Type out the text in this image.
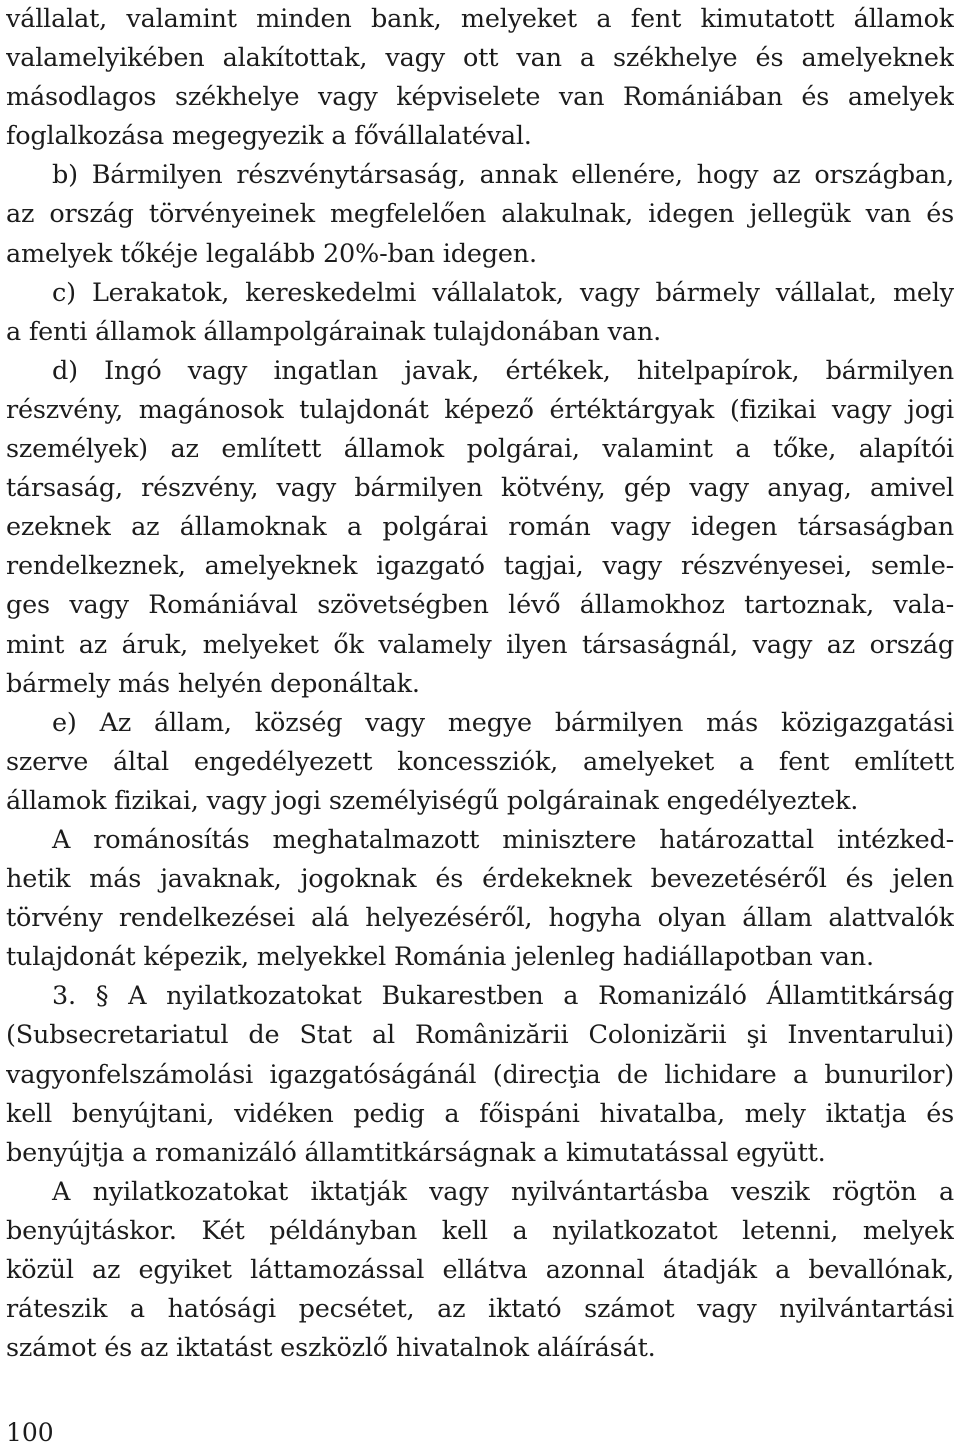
vállalat, valamint minden bank, melyeket a fent kimutatott államok
valamelyikében alakítottak, vagy ott van a székhelye és amelyeknek
másodlagos székhelye vagy képviselete van Romániában és amelyek
foglalkozása megegyezik a fővállalatéval.
b) Bármilyen részvénytársaság, annak ellenére, hogy az országban,
az ország törvényeinek megfelelően alakulnak, idegen jellegük van és
amelyek tőkéje legalább 20%-ban idegen.
c) Lerakatok, kereskedelmi vállalatok, vagy bármely vállalat, mely
a fenti államok állampolgárainak tulajdonában van.
d) Ingó vagy ingatlan javak, értékek, hitelpapírok, bármilyen
részvény, magánosok tulajdonát képező értéktárgyak (fizikai vagy jogi
személyek) az említett államok polgárai, valamint a tőke, alapítói
társaság, részvény, vagy bármilyen kötvény, gép vagy anyag, amivel
ezeknek az államoknak a polgárai román vagy idegen társaságban
rendelkeznek, amelyeknek igazgató tagjai, vagy részvényesei, semle-
ges vagy Romániával szövetségben lévő államokhoz tartoznak, vala-
mint az áruk, melyeket ők valamely ilyen társaságnál, vagy az ország
bármely más helyén deponáltak.
e) Az állam, község vagy megye bármilyen más közigazgatási
szerve által engedélyezett koncessziók, amelyeket a fent említett
államok fizikai, vagy jogi személyiségű polgárainak engedélyeztek.
A románosítás meghatalmazott minisztere határozattal intézked-
hetik más javaknak, jogoknak és érdekeknek bevezetéséről és jelen
törvény rendelkezései alá helyezéséről, hogyha olyan állam alattvalók
tulajdonát képezik, melyekkel Románia jelenleg hadiállapotban van.
3. § A nyilatkozatokat Bukarestben a Romanizáló Államtitkárság
(Subsecretariatul de Stat al Românizării Colonizării şi Inventarului)
vagyonfelszámolási igazgatóságánál (direcţia de lichidare a bunurilor)
kell benyújtani, vidéken pedig a főispáni hivatalba, mely iktatja és
benyújtja a romanizáló államtitkárságnak a kimutatással együtt.
A nyilatkozatokat iktatják vagy nyilvántartásba veszik rögtön a
benyújtáskor. Két példányban kell a nyilatkozatot letenni, melyek
közül az egyiket láttamozással ellátva azonnal átadják a bevallónak,
ráteszik a hatósági pecsétet, az iktató számot vagy nyilvántartási
számot és az iktatást eszközlő hivatalnok aláírását.
100
